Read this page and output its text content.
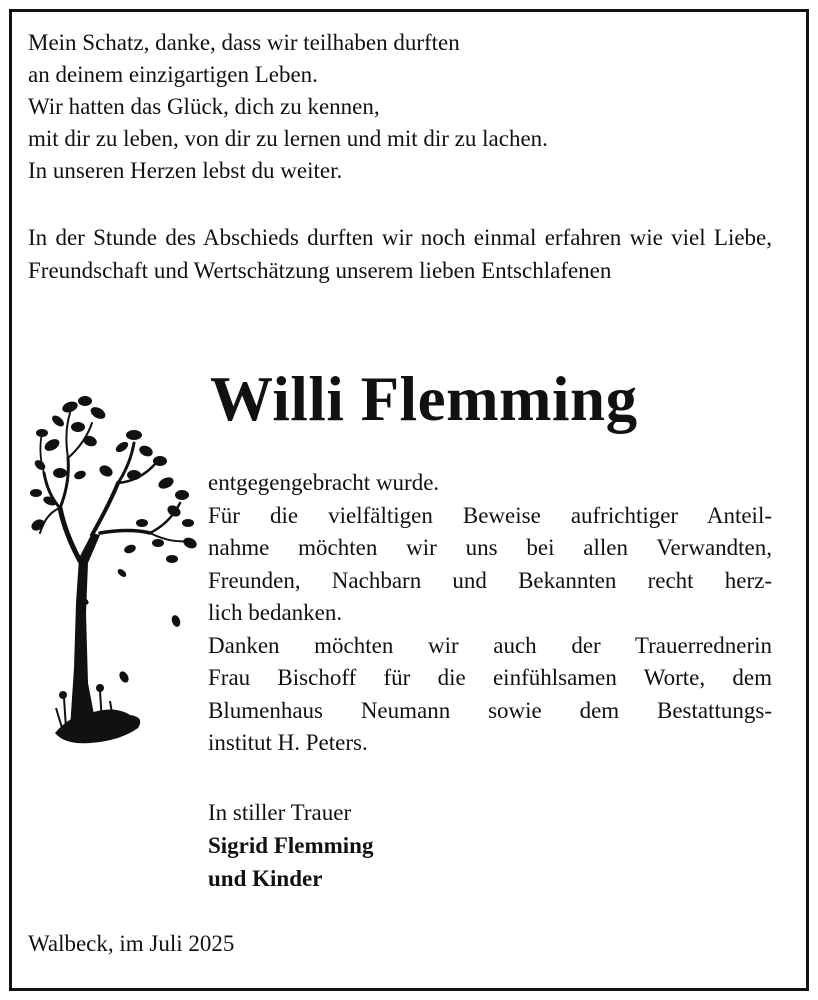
Mein Schatz, danke, dass wir teilhaben durften
an deinem einzigartigen Leben.
Wir hatten das Glück, dich zu kennen,
mit dir zu leben, von dir zu lernen und mit dir zu lachen.
In unseren Herzen lebst du weiter.

In der Stunde des Abschieds durften wir noch einmal erfahren wie viel Liebe, Freundschaft und Wertschätzung unserem lieben Entschlafenen

Willi Flemming

entgegengebracht wurde.

Für die vielfältigen Beweise aufrichtiger Anteil-

nahme möchten wir uns bei allen Verwandten,

Freunden, Nachbarn und Bekannten recht herz-

lich bedanken.

Danken möchten wir auch der Trauerrednerin

Frau Bischoff für die einfühlsamen Worte, dem

Blumenhaus Neumann sowie dem Bestattungs-

institut H. Peters.

In stiller Trauer
Sigrid Flemming
und Kinder
Walbeck, im Juli 2025
